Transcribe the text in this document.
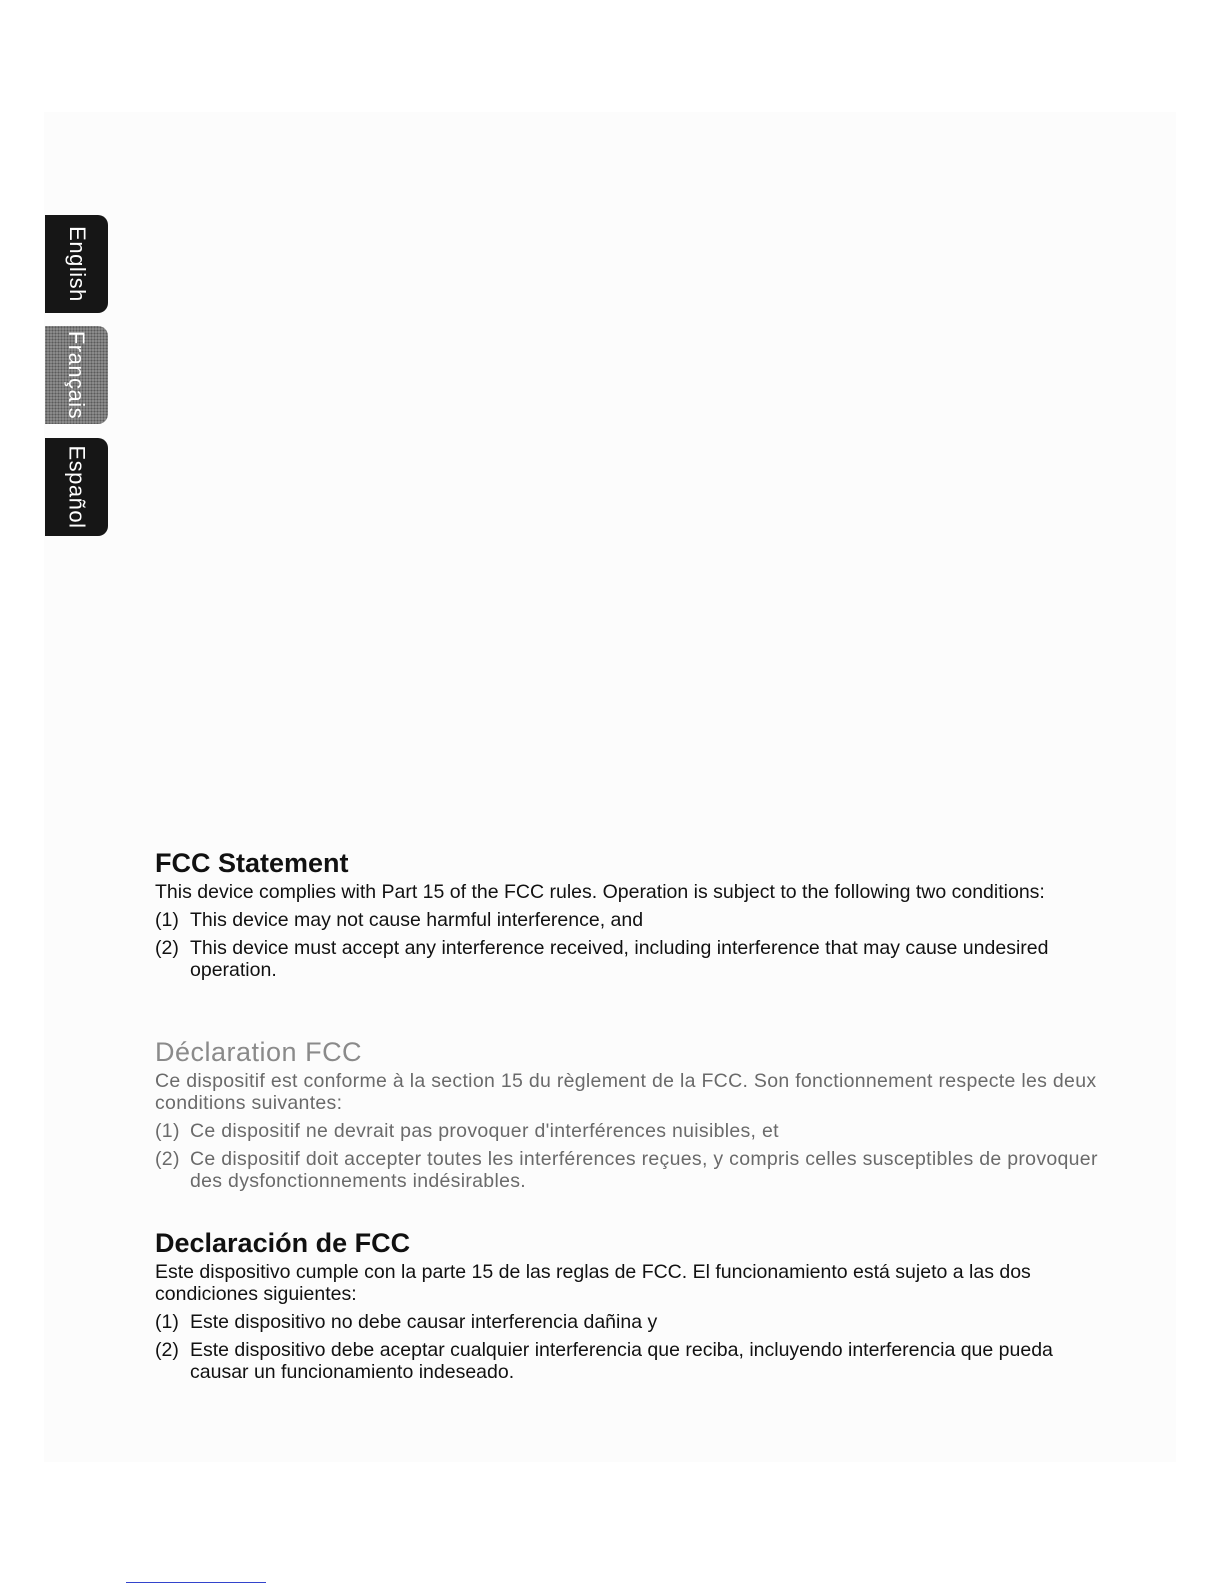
English
Français
Español
FCC Statement
This device complies with Part 15 of the FCC rules. Operation is subject to the following two conditions:
(1) This device may not cause harmful interference, and
(2) This device must accept any interference received, including interference that may cause undesired operation.
Déclaration FCC
Ce dispositif est conforme à la section 15 du règlement de la FCC. Son fonctionnement respecte les deux conditions suivantes:
(1) Ce dispositif ne devrait pas provoquer d'interférences nuisibles, et
(2) Ce dispositif doit accepter toutes les interférences reçues, y compris celles susceptibles de provoquer des dysfonctionnements indésirables.
Declaración de FCC
Este dispositivo cumple con la parte 15 de las reglas de FCC. El funcionamiento está sujeto a las dos condiciones siguientes:
(1) Este dispositivo no debe causar interferencia dañina y
(2) Este dispositivo debe aceptar cualquier interferencia que reciba, incluyendo interferencia que pueda causar un funcionamiento indeseado.
